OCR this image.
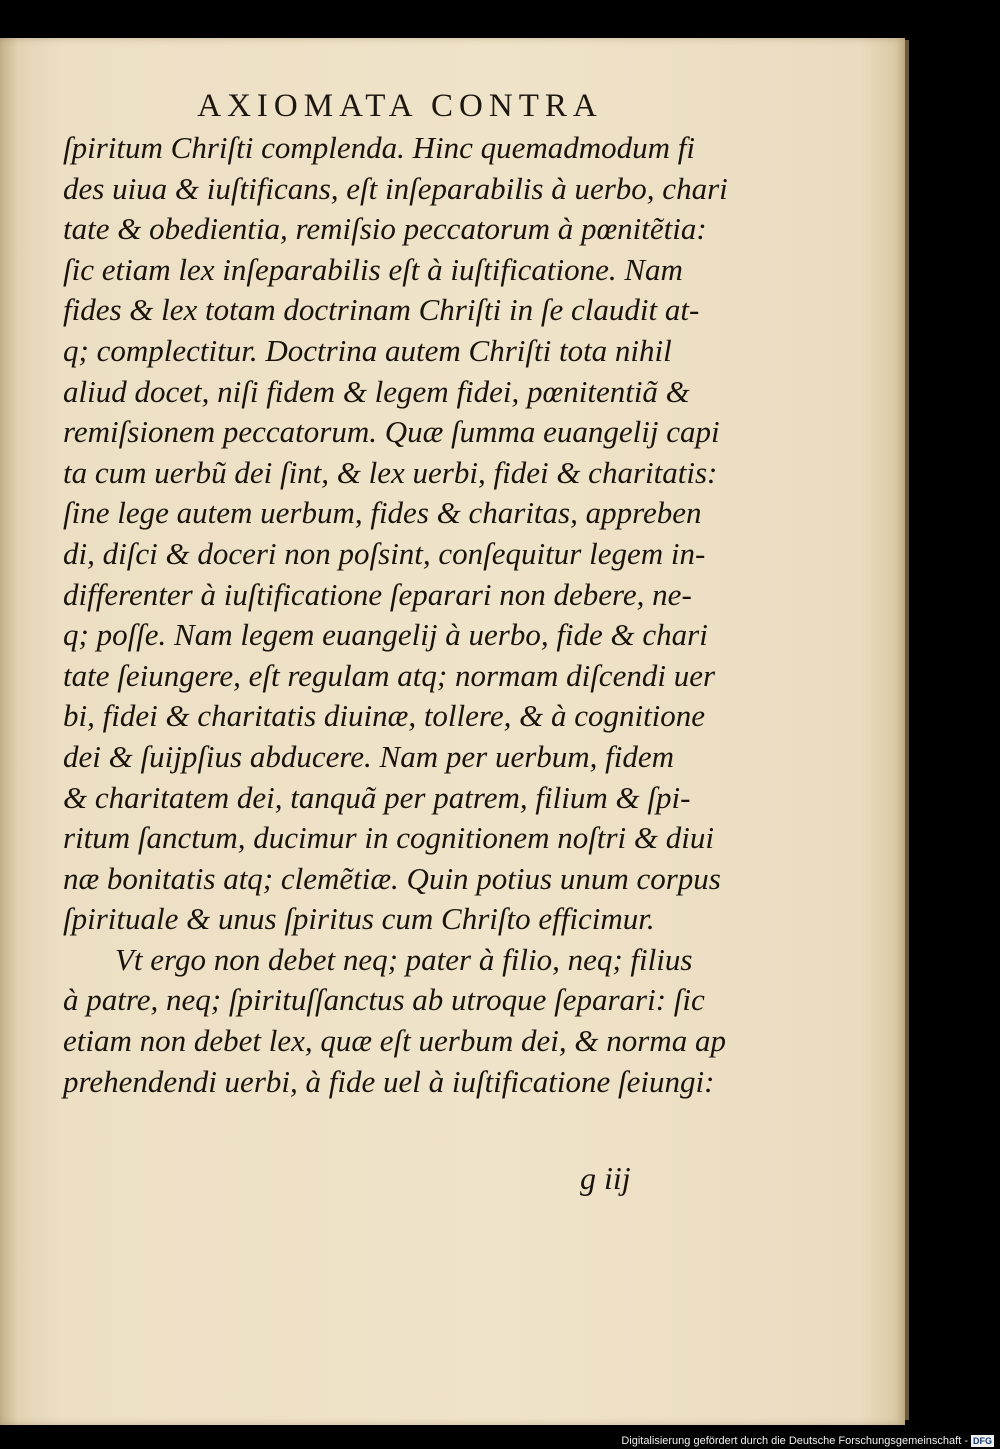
AXIOMATA CONTRA
ſpiritum Chriſti complenda. Hinc quemadmodum fi
des uiua & iuſtificans, eſt inſeparabilis à uerbo, chari
tate & obedientia, remiſsio peccatorum à pœnitẽtia:
ſic etiam lex inſeparabilis eſt à iuſtificatione. Nam
fides & lex totam doctrinam Chriſti in ſe claudit at-
q; complectitur. Doctrina autem Chriſti tota nihil
aliud docet, niſi fidem & legem fidei, pœnitentiã &
remiſsionem peccatorum. Quæ ſumma euangelij capi
ta cum uerbũ dei ſint, & lex uerbi, fidei & charitatis:
ſine lege autem uerbum, fides & charitas, appreben
di, diſci & doceri non poſsint, conſequitur legem in-
differenter à iuſtificatione ſeparari non debere, ne-
q; poſſe. Nam legem euangelij à uerbo, fide & chari
tate ſeiungere, eſt regulam atq; normam diſcendi uer
bi, fidei & charitatis diuinæ, tollere, & à cognitione
dei & ſuijpſius abducere. Nam per uerbum, fidem
& charitatem dei, tanquã per patrem, filium & ſpi-
ritum ſanctum, ducimur in cognitionem noſtri & diui
næ bonitatis atq; clemẽtiæ. Quin potius unum corpus
ſpirituale & unus ſpiritus cum Chriſto efficimur.
Vt ergo non debet neq; pater à filio, neq; filius
à patre, neq; ſpirituſſanctus ab utroque ſeparari: ſic
etiam non debet lex, quæ eſt uerbum dei, & norma ap
prehendendi uerbi, à fide uel à iuſtificatione ſeiungi:
g iij
Digitalisierung gefördert durch die Deutsche Forschungsgemeinschaft - DFG
